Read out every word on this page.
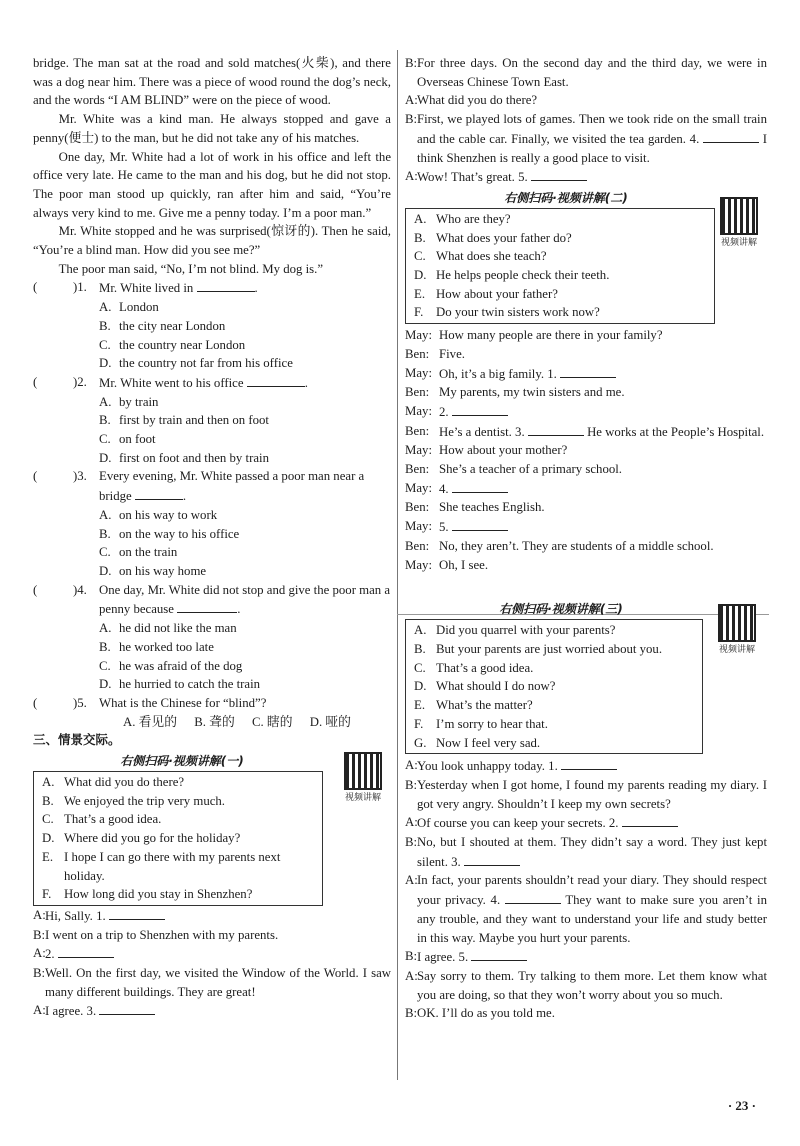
bridge. The man sat at the road and sold matches(火柴), and there was a dog near him. There was a piece of wood round the dog’s neck, and the words “I AM BLIND” were on the piece of wood.

Mr. White was a kind man. He always stopped and gave a penny(便士) to the man, but he did not take any of his matches.

One day, Mr. White had a lot of work in his office and left the office very late. He came to the man and his dog, but he did not stop. The poor man stood up quickly, ran after him and said, “You’re always very kind to me. Give me a penny today. I’m a poor man.”

Mr. White stopped and he was surprised(惊讶的). Then he said, “You’re a blind man. How did you see me?”

The poor man said, “No, I’m not blind. My dog is.”

(	)1. Mr. White lived in	.
A. London
B. the city near London
C. the country near London
D. the country not far from his office
(	)2. Mr. White went to his office	.
A. by train
B. first by train and then on foot
C. on foot
D. first on foot and then by train
(	)3. Every evening, Mr. White passed a poor man near a bridge	.
A. on his way to work
B. on the way to his office
C. on the train
D. on his way home
(	)4. One day, Mr. White did not stop and give the poor man a penny because	.
A. he did not like the man
B. he worked too late
C. he was afraid of the dog
D. he hurried to catch the train
(	)5. What is the Chinese for “blind”?
A. 看见的 B. 聋的 C. 瞎的 D. 哑的

三、情景交际。

右侧扫码·视频讲解(一)
视频讲解

A. What did you do there?

B. We enjoyed the trip very much.

C. That’s a good idea.

D. Where did you go for the holiday?

E. I hope I can go there with my parents next holiday.

F. How long did you stay in Shenzhen?

A: Hi, Sally. 1.
B: I went on a trip to Shenzhen with my parents.
A: 2.
B: Well. On the first day, we visited the Window of the World. I saw many different buildings. They are great!
A: I agree. 3.
B: For three days. On the second day and the third day, we were in Overseas Chinese Town East.
A: What did you do there?
B: First, we played lots of games. Then we took ride on the small train and the cable car. Finally, we visited the tea garden. 4.	I think Shenzhen is really a good place to visit.
A: Wow! That’s great. 5.
右侧扫码·视频讲解(二)
视频讲解

A. Who are they?

B. What does your father do?

C. What does she teach?

D. He helps people check their teeth.

E. How about your father?

F. Do your twin sisters work now?

May: How many people are there in your family?
Ben: Five.
May: Oh, it’s a big family. 1.
Ben: My parents, my twin sisters and me.
May: 2.
Ben: He’s a dentist. 3.	He works at the People’s Hospital.
May: How about your mother?
Ben: She’s a teacher of a primary school.
May: 4.
Ben: She teaches English.
May: 5.
Ben: No, they aren’t. They are students of a middle school.
May: Oh, I see.
右侧扫码·视频讲解(三)
视频讲解

A. Did you quarrel with your parents?

B. But your parents are just worried about you.

C. That’s a good idea.

D. What should I do now?

E. What’s the matter?

F. I’m sorry to hear that.

G. Now I feel very sad.

A: You look unhappy today. 1.
B: Yesterday when I got home, I found my parents reading my diary. I got very angry. Shouldn’t I keep my own secrets?
A: Of course you can keep your secrets. 2.
B: No, but I shouted at them. They didn’t say a word. They just kept silent. 3.
A: In fact, your parents shouldn’t read your diary. They should respect your privacy. 4.	They want to make sure you aren’t in any trouble, and they want to understand your life and study better in this way. Maybe you hurt your parents.
B: I agree. 5.
A: Say sorry to them. Try talking to them more. Let them know what you are doing, so that they won’t worry about you so much.
B: OK. I’ll do as you told me.
· 23 ·
